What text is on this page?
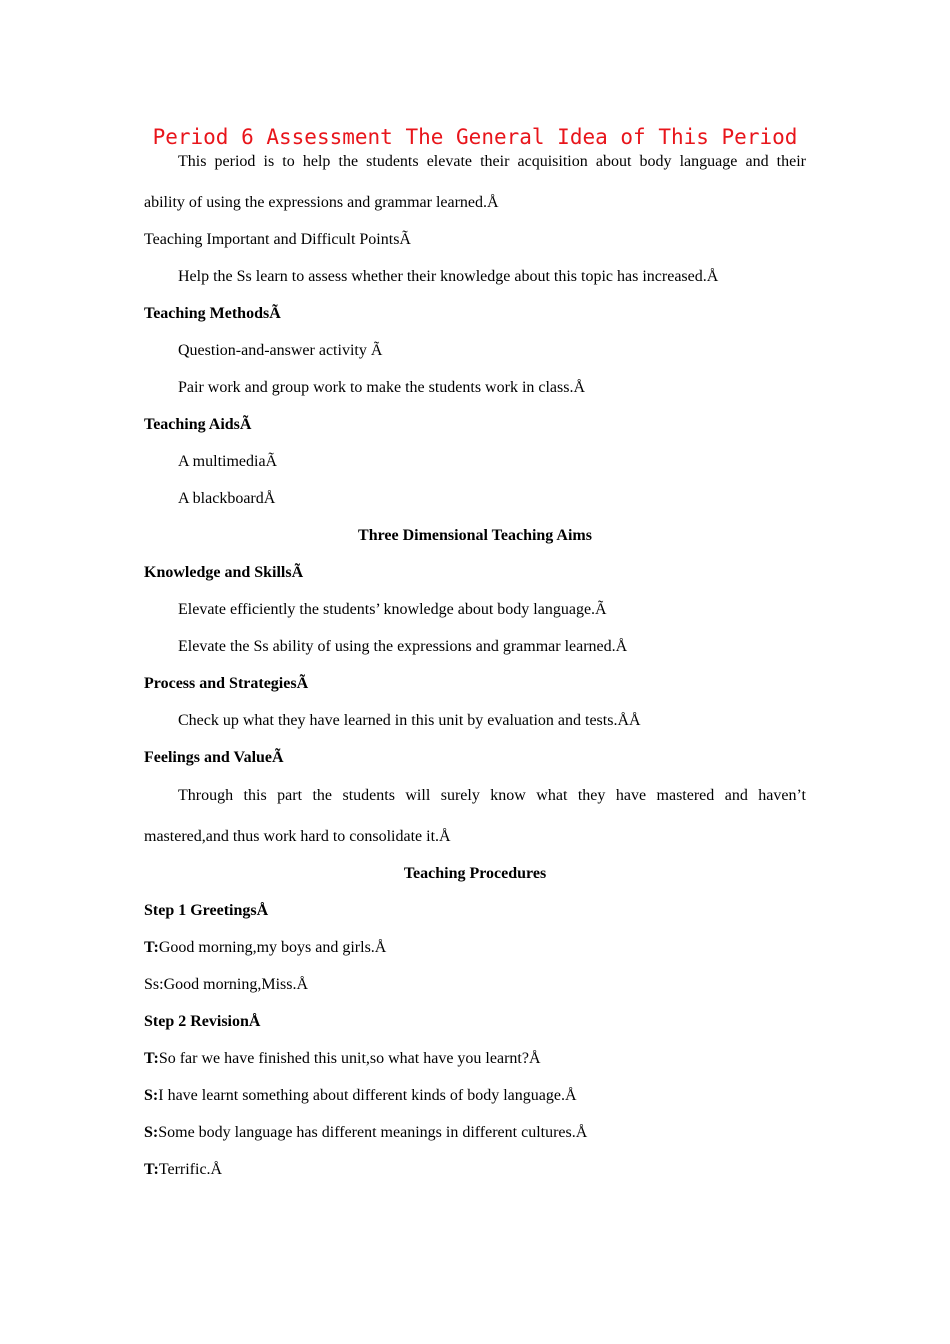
Period 6 Assessment The General Idea of This Period
This period is to help the students elevate their acquisition about body language and their
ability of using the expressions and grammar learned.Å
Teaching Important and Difficult PointsÃ
Help the Ss learn to assess whether their knowledge about this topic has increased.Å
Teaching MethodsÃ
Question-and-answer activity Ã
Pair work and group work to make the students work in class.Å
Teaching AidsÃ
A multimediaÃ
A blackboardÅ
Three Dimensional Teaching Aims
Knowledge and SkillsÃ
Elevate efficiently the students’ knowledge about body language.Ã
Elevate the Ss ability of using the expressions and grammar learned.Å
Process and StrategiesÃ
Check up what they have learned in this unit by evaluation and tests.ÅÅ
Feelings and ValueÃ
Through this part the students will surely know what they have mastered and haven’t
mastered,and thus work hard to consolidate it.Å
Teaching Procedures
Step 1 GreetingsÅ
T:Good morning,my boys and girls.Å
Ss:Good morning,Miss.Å
Step 2 RevisionÅ
T:So far we have finished this unit,so what have you learnt?Å
S:I have learnt something about different kinds of body language.Å
S:Some body language has different meanings in different cultures.Å
T:Terrific.Å
